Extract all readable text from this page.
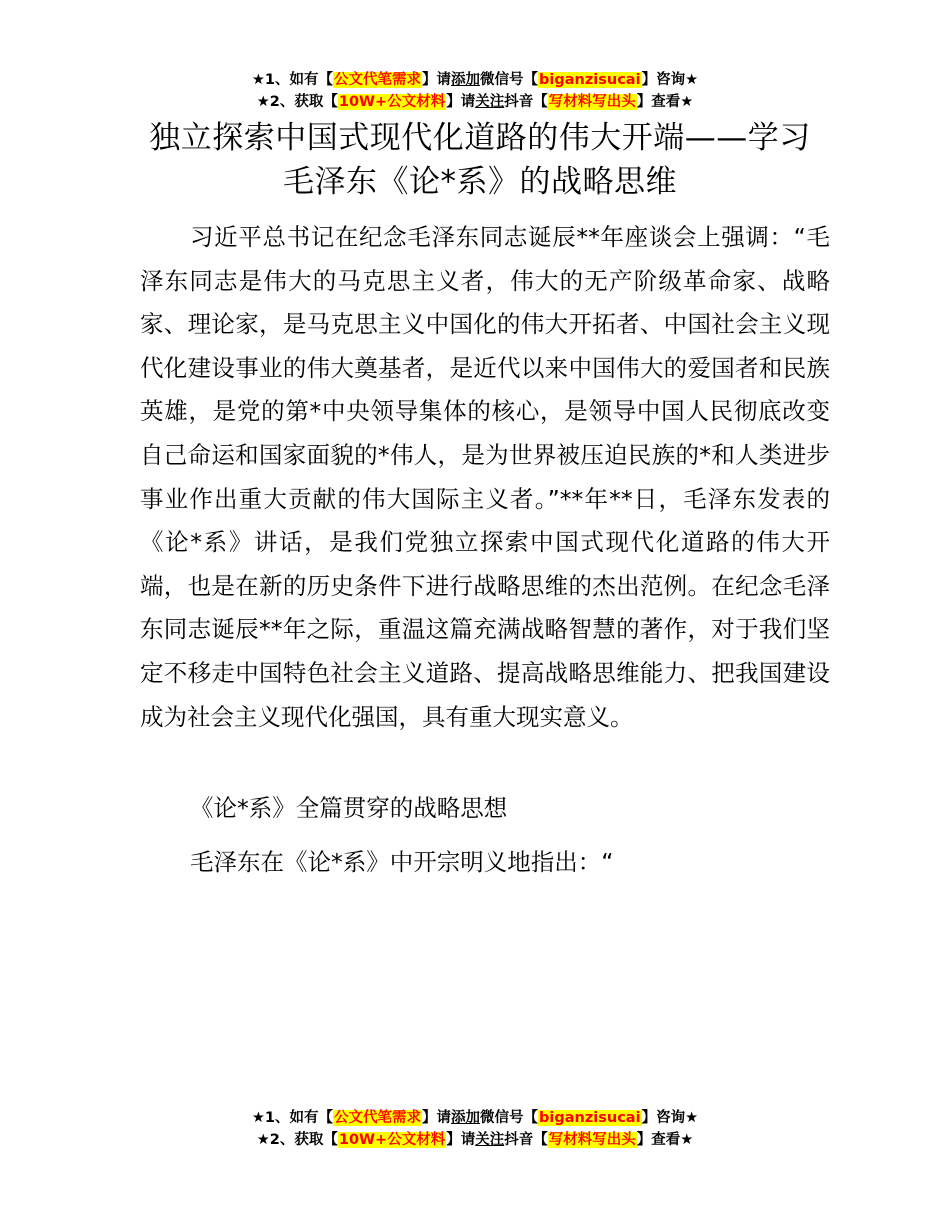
★1、如有【公文代笔需求】请添加微信号【biganzisucai】咨询★
★2、获取【10W+公文材料】请关注抖音【写材料写出头】查看★
独立探索中国式现代化道路的伟大开端——学习毛泽东《论*系》的战略思维

习近平总书记在纪念毛泽东同志诞辰**年座谈会上强调：“毛泽东同志是伟大的马克思主义者，伟大的无产阶级革命家、战略家、理论家，是马克思主义中国化的伟大开拓者、中国社会主义现代化建设事业的伟大奠基者，是近代以来中国伟大的爱国者和民族英雄，是党的第*中央领导集体的核心，是领导中国人民彻底改变自己命运和国家面貌的*伟人，是为世界被压迫民族的*和人类进步事业作出重大贡献的伟大国际主义者。”**年**日，毛泽东发表的《论*系》讲话，是我们党独立探索中国式现代化道路的伟大开端，也是在新的历史条件下进行战略思维的杰出范例。在纪念毛泽东同志诞辰**年之际，重温这篇充满战略智慧的著作，对于我们坚定不移走中国特色社会主义道路、提高战略思维能力、把我国建设成为社会主义现代化强国，具有重大现实意义。

《论*系》全篇贯穿的战略思想

毛泽东在《论*系》中开宗明义地指出：“

★1、如有【公文代笔需求】请添加微信号【biganzisucai】咨询★
★2、获取【10W+公文材料】请关注抖音【写材料写出头】查看★
